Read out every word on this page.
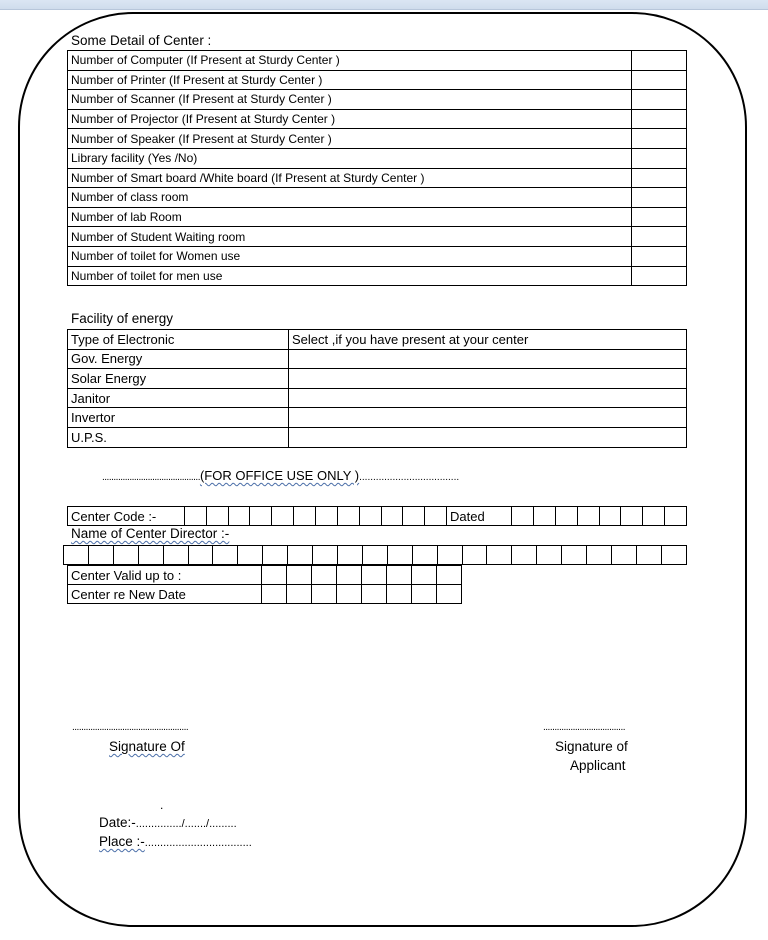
Some Detail of Center :
Number of Computer (If Present at Sturdy Center )	
Number of Printer (If Present at Sturdy Center )	
Number of Scanner (If Present at Sturdy Center )	
Number of Projector (If Present at Sturdy Center )	
Number of Speaker (If Present at Sturdy Center )	
Library facility (Yes /No)	
Number of Smart board /White board (If Present at Sturdy Center )	
Number of class room	
Number of lab Room	
Number of Student Waiting room	
Number of toilet for Women use	
Number of toilet for men use	
Facility of energy
Type of Electronic	Select ,if you have present at your center
Gov. Energy	
Solar Energy	
Janitor	
Invertor	
U.P.S.	
...........................................(FOR OFFICE USE ONLY )....................................
Center Code :-													Dated								
Name of Center Director :-

Center Valid up to :								
Center re New Date								
...................................................
Signature Of
....................................
Signature of
Applicant
.
Date:-.............../......./.........
Place :-...................................
